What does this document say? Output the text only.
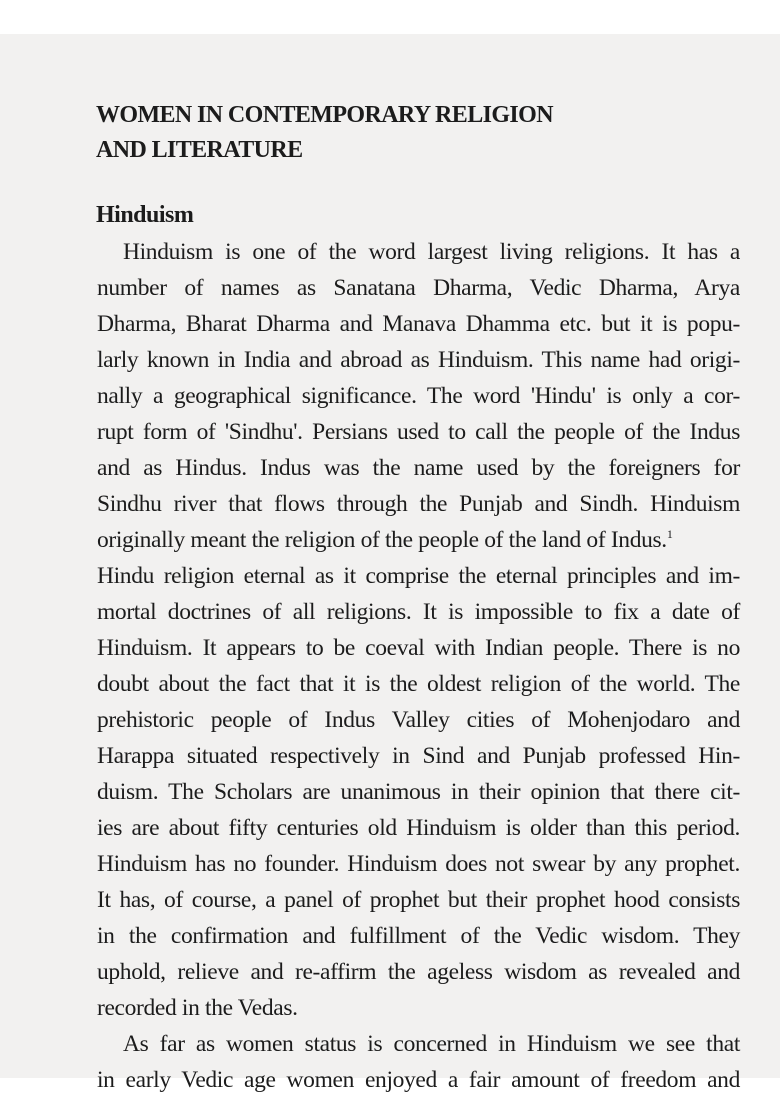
WOMEN IN CONTEMPORARY RELIGION
AND LITERATURE
Hinduism
Hinduism is one of the word largest living religions. It has a
number of names as Sanatana Dharma, Vedic Dharma, Arya
Dharma, Bharat Dharma and Manava Dhamma etc. but it is popu-
larly known in India and abroad as Hinduism. This name had origi-
nally a geographical significance. The word 'Hindu' is only a cor-
rupt form of 'Sindhu'. Persians used to call the people of the Indus
and as Hindus. Indus was the name used by the foreigners for
Sindhu river that flows through the Punjab and Sindh. Hinduism
originally meant the religion of the people of the land of Indus.$^1$
Hindu religion eternal as it comprise the eternal principles and im-
mortal doctrines of all religions. It is impossible to fix a date of
Hinduism. It appears to be coeval with Indian people. There is no
doubt about the fact that it is the oldest religion of the world. The
prehistoric people of Indus Valley cities of Mohenjodaro and
Harappa situated respectively in Sind and Punjab professed Hin-
duism. The Scholars are unanimous in their opinion that there cit-
ies are about fifty centuries old Hinduism is older than this period.
Hinduism has no founder. Hinduism does not swear by any prophet.
It has, of course, a panel of prophet but their prophet hood consists
in the confirmation and fulfillment of the Vedic wisdom. They
uphold, relieve and re-affirm the ageless wisdom as revealed and
recorded in the Vedas.
As far as women status is concerned in Hinduism we see that
in early Vedic age women enjoyed a fair amount of freedom and
